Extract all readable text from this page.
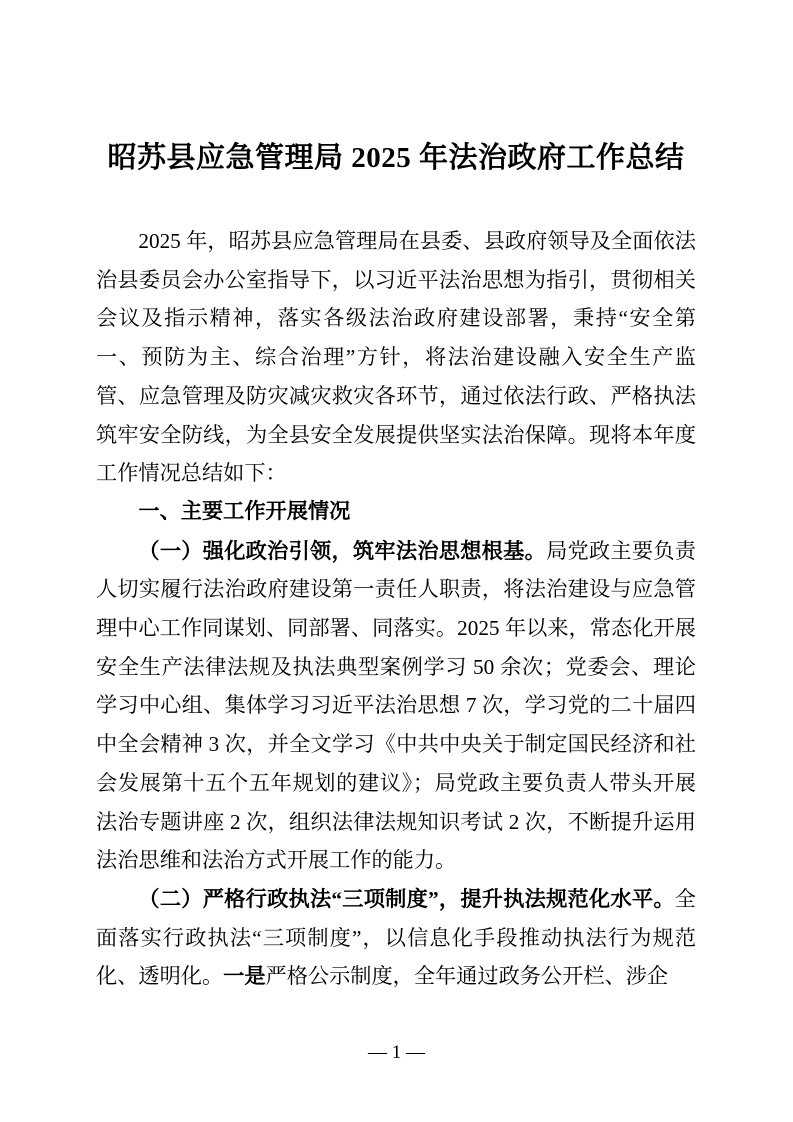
昭苏县应急管理局 2025 年法治政府工作总结

2025 年，昭苏县应急管理局在县委、县政府领导及全面依法治县委员会办公室指导下，以习近平法治思想为指引，贯彻相关会议及指示精神，落实各级法治政府建设部署，秉持“安全第一、预防为主、综合治理”方针，将法治建设融入安全生产监管、应急管理及防灾减灾救灾各环节，通过依法行政、严格执法筑牢安全防线，为全县安全发展提供坚实法治保障。现将本年度工作情况总结如下：

一、主要工作开展情况

（一）强化政治引领，筑牢法治思想根基。局党政主要负责人切实履行法治政府建设第一责任人职责，将法治建设与应急管理中心工作同谋划、同部署、同落实。2025 年以来，常态化开展安全生产法律法规及执法典型案例学习 50 余次；党委会、理论学习中心组、集体学习习近平法治思想 7 次，学习党的二十届四中全会精神 3 次，并全文学习《中共中央关于制定国民经济和社会发展第十五个五年规划的建议》；局党政主要负责人带头开展法治专题讲座 2 次，组织法律法规知识考试 2 次，不断提升运用法治思维和法治方式开展工作的能力。

（二）严格行政执法“三项制度”，提升执法规范化水平。全面落实行政执法“三项制度”，以信息化手段推动执法行为规范化、透明化。一是严格公示制度，全年通过政务公开栏、涉企

— 1 —
